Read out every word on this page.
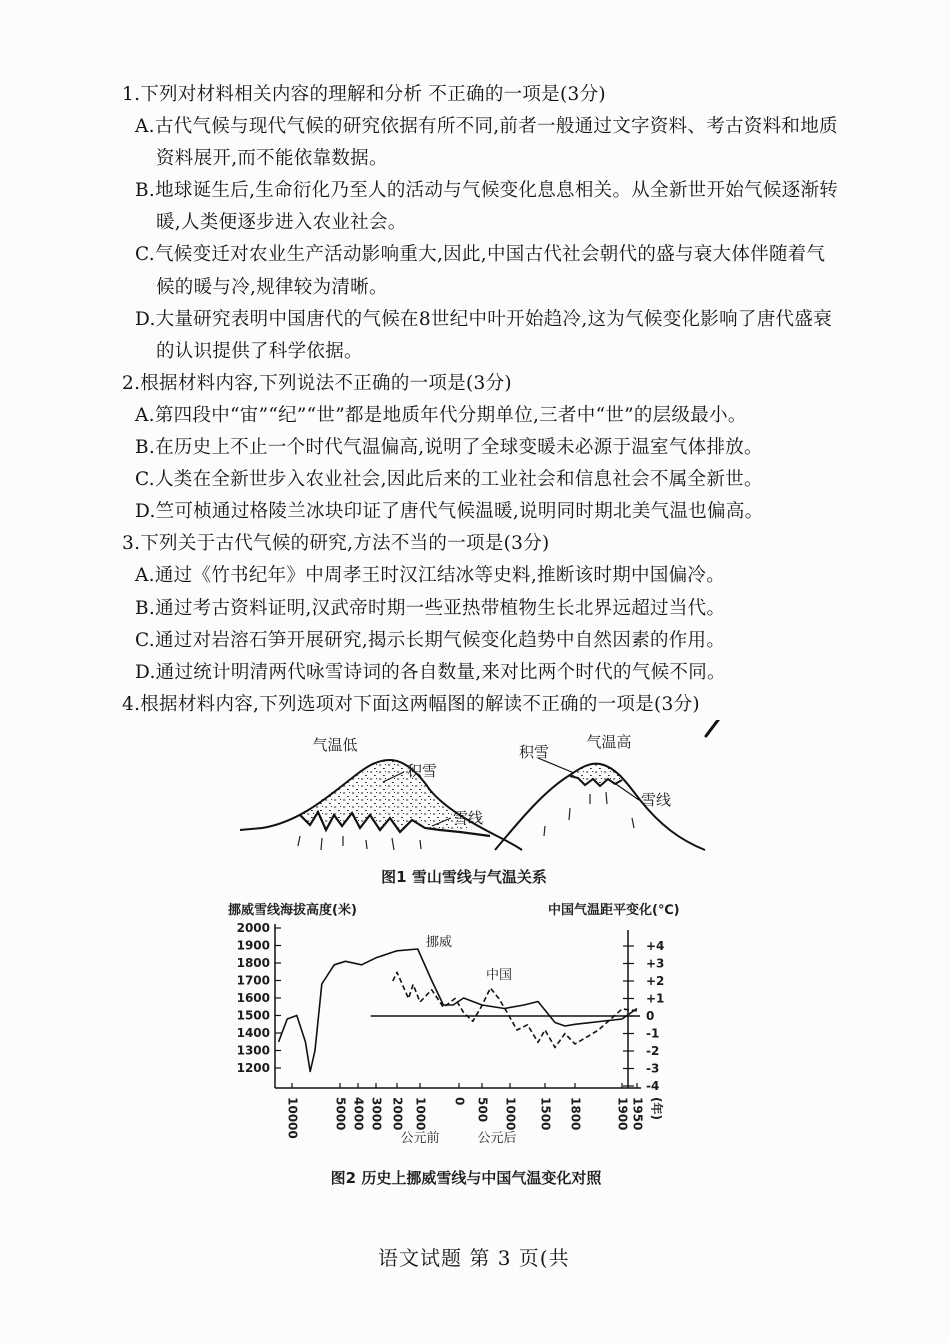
1.下列对材料相关内容的理解和分析 不正确的一项是(3分)
A.古代气候与现代气候的研究依据有所不同,前者一般通过文字资料、考古资料和地质
资料展开,而不能依靠数据。
B.地球诞生后,生命衍化乃至人的活动与气候变化息息相关。从全新世开始气候逐渐转
暖,人类便逐步进入农业社会。
C.气候变迁对农业生产活动影响重大,因此,中国古代社会朝代的盛与衰大体伴随着气
候的暖与冷,规律较为清晰。
D.大量研究表明中国唐代的气候在8世纪中叶开始趋冷,这为气候变化影响了唐代盛衰
的认识提供了科学依据。
2.根据材料内容,下列说法不正确的一项是(3分)
A.第四段中“宙”“纪”“世”都是地质年代分期单位,三者中“世”的层级最小。
B.在历史上不止一个时代气温偏高,说明了全球变暖未必源于温室气体排放。
C.人类在全新世步入农业社会,因此后来的工业社会和信息社会不属全新世。
D.竺可桢通过格陵兰冰块印证了唐代气候温暖,说明同时期北美气温也偏高。
3.下列关于古代气候的研究,方法不当的一项是(3分)
A.通过《竹书纪年》中周孝王时汉江结冰等史料,推断该时期中国偏冷。
B.通过考古资料证明,汉武帝时期一些亚热带植物生长北界远超过当代。
C.通过对岩溶石笋开展研究,揭示长期气候变化趋势中自然因素的作用。
D.通过统计明清两代咏雪诗词的各自数量,来对比两个时代的气候不同。
4.根据材料内容,下列选项对下面这两幅图的解读不正确的一项是(3分)
气温低
积雪
雪线
积雪
气温高
雪线
图1 雪山雪线与气温关系
挪威雪线海拔高度(米)	中国气温距平变化(℃)
挪威
中国
公元前	公元后
(年)
10000	5000 4000 3000 2000 1000 0 500 1000 1500 1800	1900 1950
2000
1900
1800
1700
1600
1500
1400
1300
1200
+4
+3
+2
+1
0
-1
-2
-3
-4
图2 历史上挪威雪线与中国气温变化对照
语文试题 第 3 页(共
